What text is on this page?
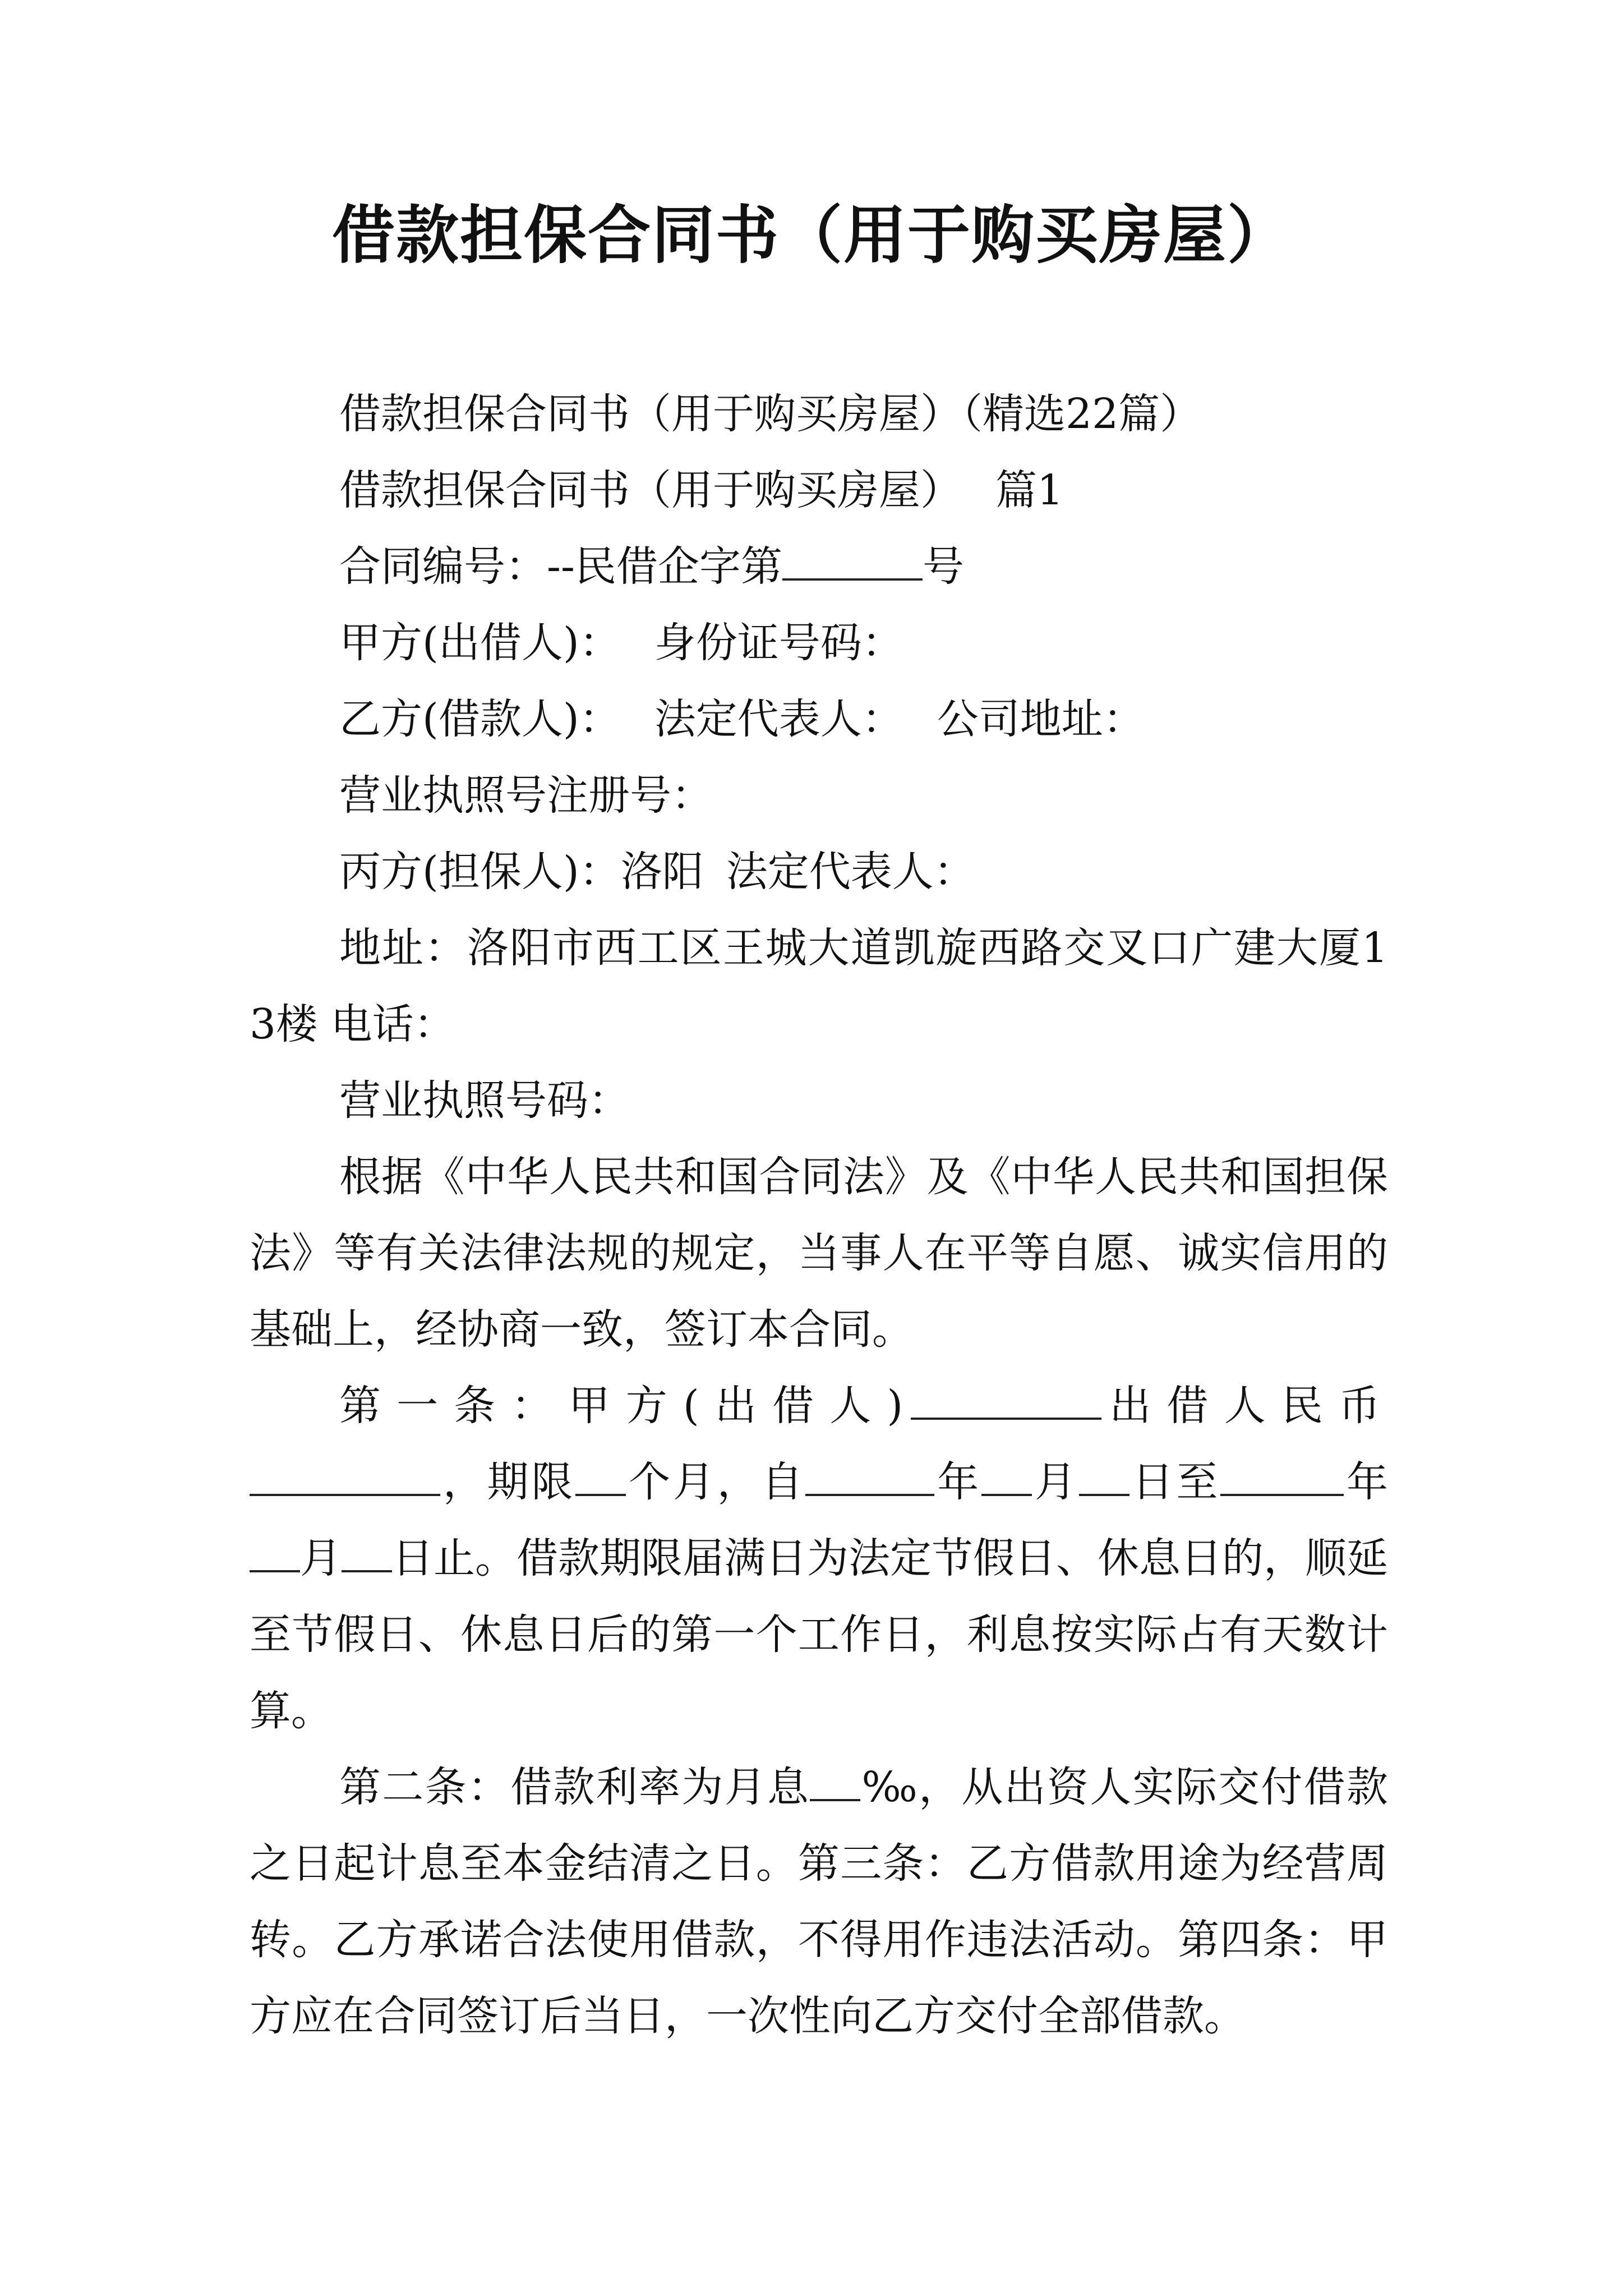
借款担保合同书（用于购买房屋）

借款担保合同书（用于购买房屋）（精选22篇）

借款担保合同书（用于购买房屋） 篇1

合同编号：--民借企字第	号

甲方(出借人)： 身份证号码：

乙方(借款人)： 法定代表人： 公司地址：

营业执照号注册号：

丙方(担保人)：洛阳 法定代表人：

地址：洛阳市西工区王城大道凯旋西路交叉口广建大厦13楼 电话：

营业执照号码：

根据《中华人民共和国合同法》及《中华人民共和国担保法》等有关法律法规的规定，当事人在平等自愿、诚实信用的基础上，经协商一致，签订本合同。

第一条：甲方(出借人)	出借人民币，期限 个月，自	年 月 日至	年月 日止。借款期限届满日为法定节假日、休息日的，顺延至节假日、休息日后的第一个工作日，利息按实际占有天数计算。

第二条：借款利率为月息 ‰，从出资人实际交付借款之日起计息至本金结清之日。第三条：乙方借款用途为经营周转。乙方承诺合法使用借款，不得用作违法活动。第四条：甲方应在合同签订后当日，一次性向乙方交付全部借款。
